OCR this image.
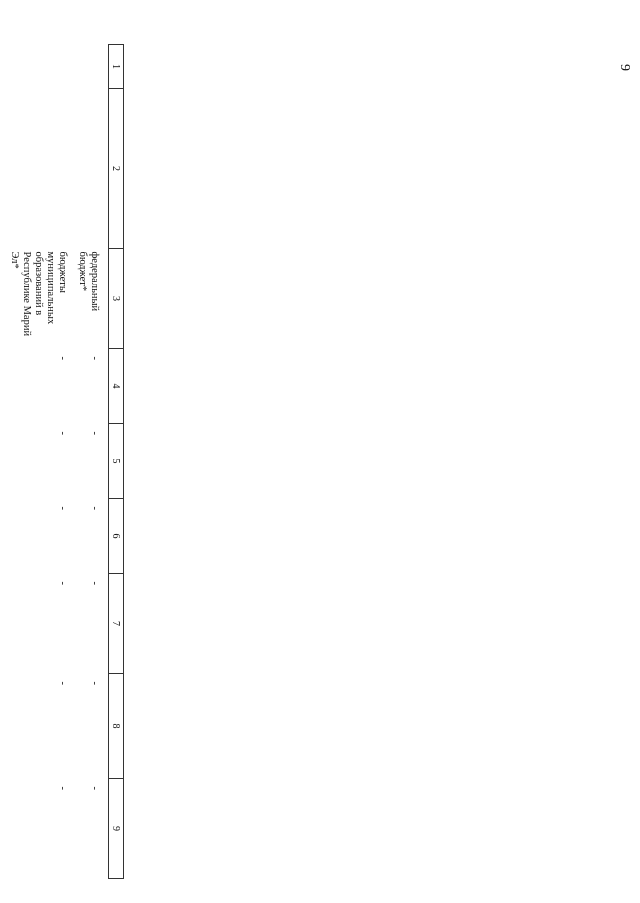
9
1	2	3	4	5	6	7	8	9

		федеральный бюджет*	-	-	-	-	-	-

		бюджеты муниципальных образований в Республике Марий Эл*	-	-	-	-	-	-
